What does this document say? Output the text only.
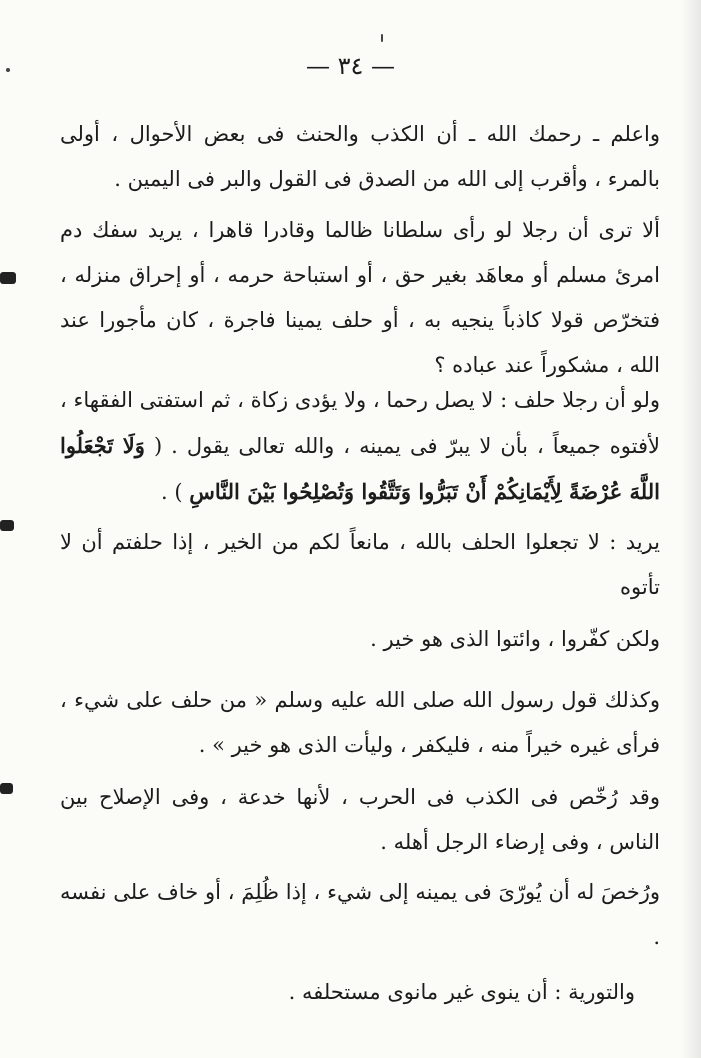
— ٣٤ —

واعلم ـ رحمك الله ـ أن الكذب والحنث فى بعض الأحوال ، أولى بالمرء ، وأقرب إلى الله من الصدق فى القول والبر فى اليمين .

ألا ترى أن رجلا لو رأى سلطانا ظالما وقادرا قاهرا ، يريد سفك دم امرئ مسلم أو معاهَد بغير حق ، أو استباحة حرمه ، أو إحراق منزله ، فتخرّص قولا كاذباً ينجيه به ، أو حلف يمينا فاجرة ، كان مأجورا عند الله ، مشكوراً عند عباده ؟

ولو أن رجلا حلف : لا يصل رحما ، ولا يؤدى زكاة ، ثم استفتى الفقهاء ، لأفتوه جميعاً ، بأن لا يبرّ فى يمينه ، والله تعالى يقول . ( وَلَا تَجْعَلُوا اللَّهَ عُرْضَةً لِأَيْمَانِكُمْ أَنْ تَبَرُّوا وَتَتَّقُوا وَتُصْلِحُوا بَيْنَ النَّاسِ ) .

يريد : لا تجعلوا الحلف بالله ، مانعاً لكم من الخير ، إذا حلفتم أن لا تأتوه

ولكن كفّروا ، وائتوا الذى هو خير .

وكذلك قول رسول الله صلى الله عليه وسلم « من حلف على شيء ، فرأى غيره خيراً منه ، فليكفر ، وليأت الذى هو خير » .

وقد رُخّص فى الكذب فى الحرب ، لأنها خدعة ، وفى الإصلاح بين الناس ، وفى إرضاء الرجل أهله .

ورُخصَ له أن يُورّىَ فى يمينه إلى شيء ، إذا ظُلِمَ ، أو خاف على نفسه .

والتورية : أن ينوى غير مانوى مستحلفه .
